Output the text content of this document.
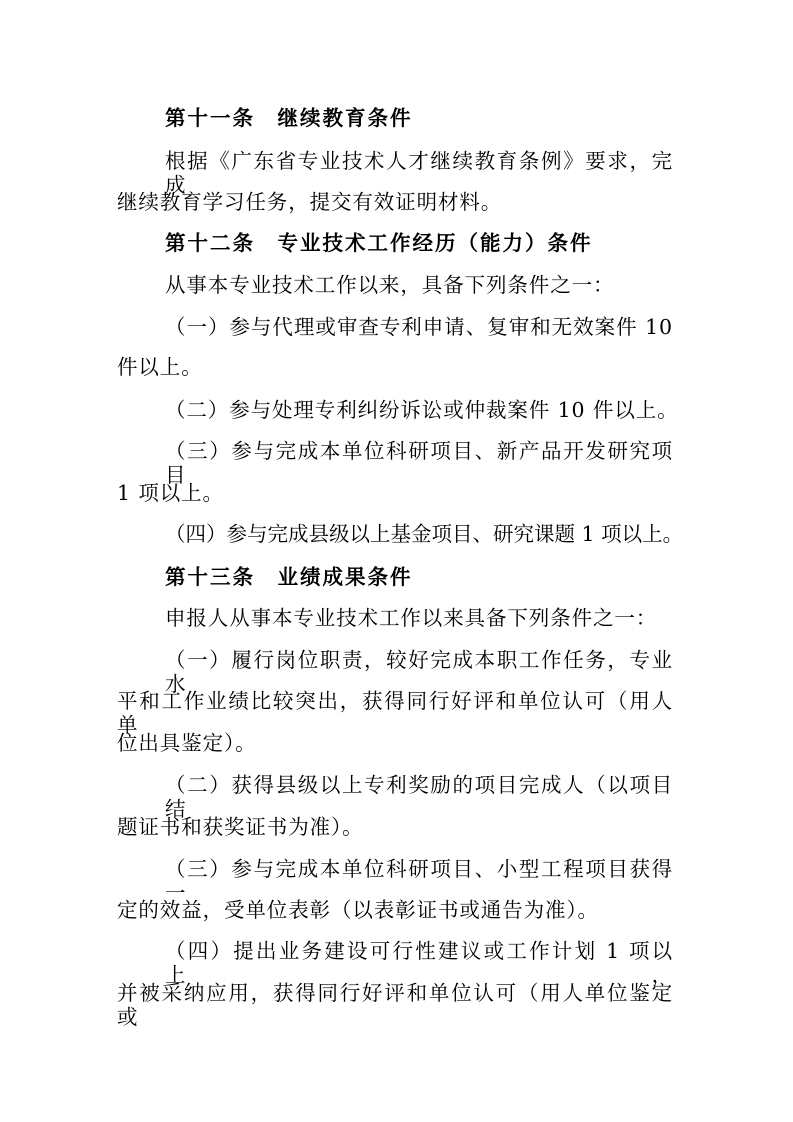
第十一条　继续教育条件
根据《广东省专业技术人才继续教育条例》要求，完成
继续教育学习任务，提交有效证明材料。
第十二条　专业技术工作经历（能力）条件
从事本专业技术工作以来，具备下列条件之一：
（一）参与代理或审查专利申请、复审和无效案件 10
件以上。
（二）参与处理专利纠纷诉讼或仲裁案件 10 件以上。
（三）参与完成本单位科研项目、新产品开发研究项目
1 项以上。
（四）参与完成县级以上基金项目、研究课题 1 项以上。
第十三条　业绩成果条件
申报人从事本专业技术工作以来具备下列条件之一：
（一）履行岗位职责，较好完成本职工作任务，专业水
平和工作业绩比较突出，获得同行好评和单位认可（用人单
位出具鉴定）。
（二）获得县级以上专利奖励的项目完成人（以项目结
题证书和获奖证书为准）。
（三）参与完成本单位科研项目、小型工程项目获得一
定的效益，受单位表彰（以表彰证书或通告为准）。
（四）提出业务建设可行性建议或工作计划 1 项以上，
并被采纳应用，获得同行好评和单位认可（用人单位鉴定或
